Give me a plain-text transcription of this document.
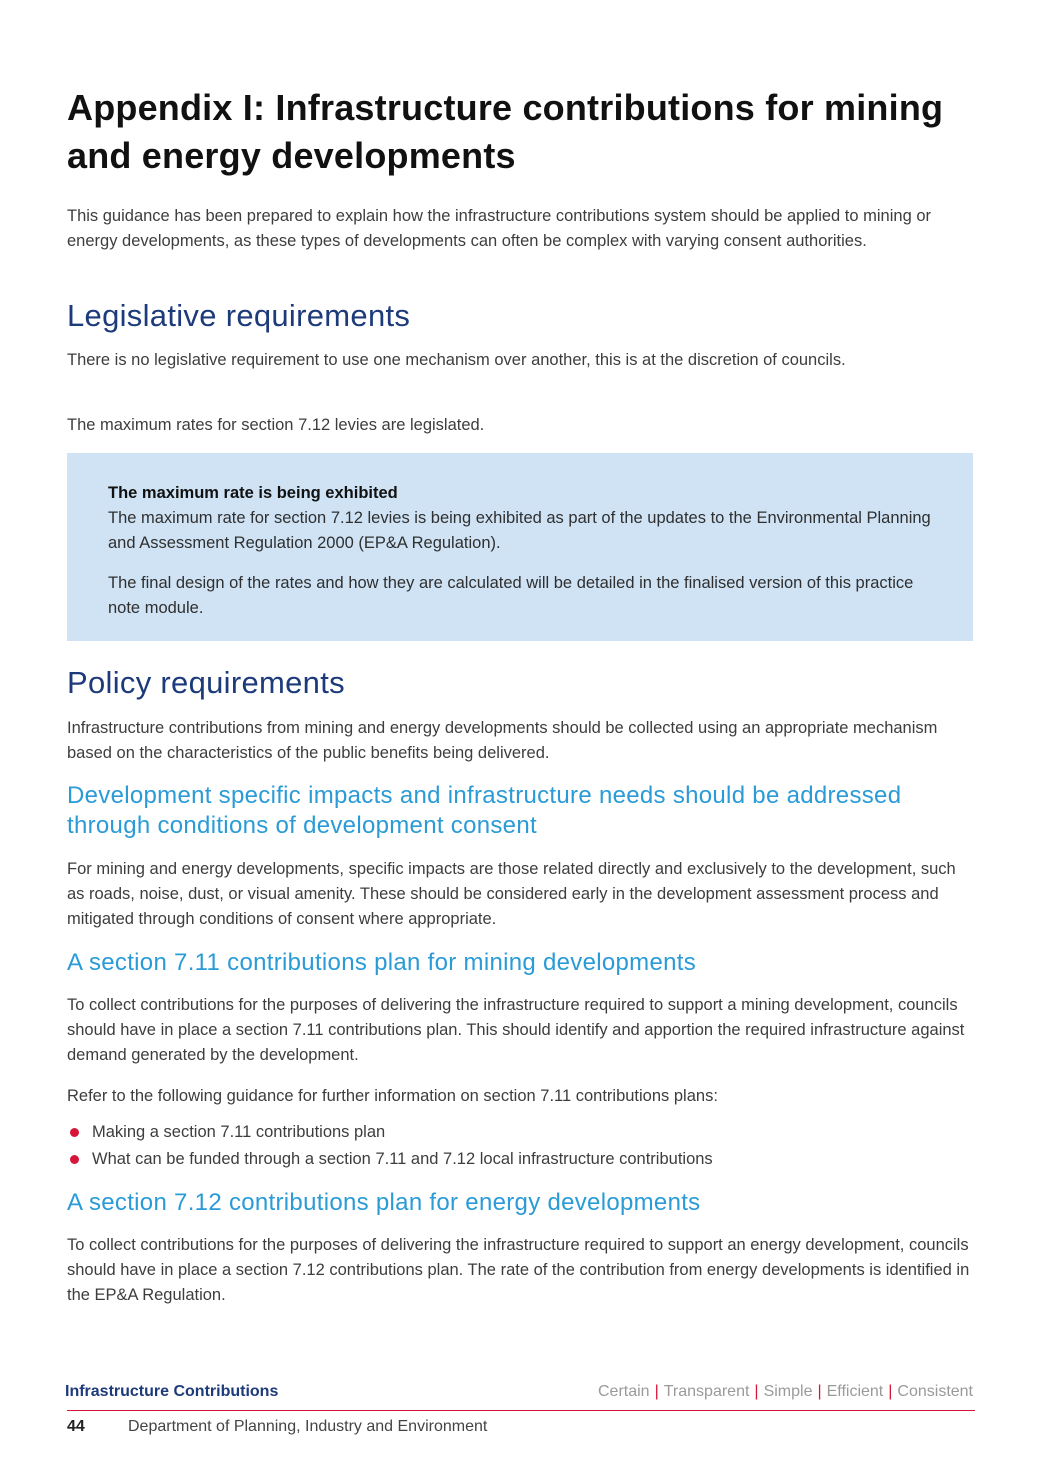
Appendix I: Infrastructure contributions for mining and energy developments

This guidance has been prepared to explain how the infrastructure contributions system should be applied to mining or energy developments, as these types of developments can often be complex with varying consent authorities.

Legislative requirements

There is no legislative requirement to use one mechanism over another, this is at the discretion of councils.

The maximum rates for section 7.12 levies are legislated.

The maximum rate is being exhibited

The maximum rate for section 7.12 levies is being exhibited as part of the updates to the Environmental Planning and Assessment Regulation 2000 (EP&A Regulation).

The final design of the rates and how they are calculated will be detailed in the finalised version of this practice note module.

Policy requirements

Infrastructure contributions from mining and energy developments should be collected using an appropriate mechanism based on the characteristics of the public benefits being delivered.

Development specific impacts and infrastructure needs should be addressed through conditions of development consent

For mining and energy developments, specific impacts are those related directly and exclusively to the development, such as roads, noise, dust, or visual amenity. These should be considered early in the development assessment process and mitigated through conditions of consent where appropriate.

A section 7.11 contributions plan for mining developments

To collect contributions for the purposes of delivering the infrastructure required to support a mining development, councils should have in place a section 7.11 contributions plan. This should identify and apportion the required infrastructure against demand generated by the development.

Refer to the following guidance for further information on section 7.11 contributions plans:

Making a section 7.11 contributions plan
What can be funded through a section 7.11 and 7.12 local infrastructure contributions
A section 7.12 contributions plan for energy developments

To collect contributions for the purposes of delivering the infrastructure required to support an energy development, councils should have in place a section 7.12 contributions plan. The rate of the contribution from energy developments is identified in the EP&A Regulation.

Infrastructure Contributions	Certain | Transparent | Simple | Efficient | Consistent
44	Department of Planning, Industry and Environment
